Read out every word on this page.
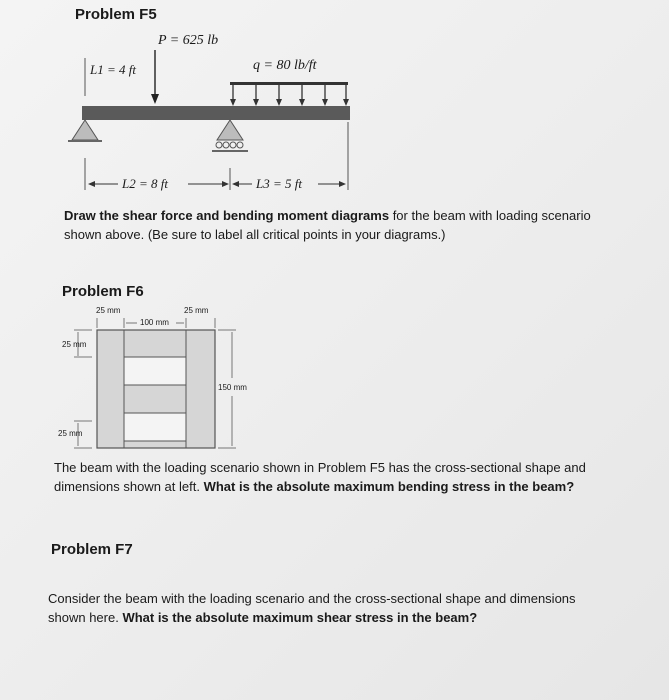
Problem F5
P = 625 lb
L1 = 4 ft	q = 80 lb/ft
L2 = 8 ft	L3 = 5 ft
Draw the shear force and bending moment diagrams for the beam with loading scenario
shown above. (Be sure to label all critical points in your diagrams.)
Problem F6
25 mm
100 mm
25 mm
25 mm
150 mm
25 mm
The beam with the loading scenario shown in Problem F5 has the cross-sectional shape and
dimensions shown at left. What is the absolute maximum bending stress in the beam?
Problem F7
Consider the beam with the loading scenario and the cross-sectional shape and dimensions
shown here. What is the absolute maximum shear stress in the beam?
